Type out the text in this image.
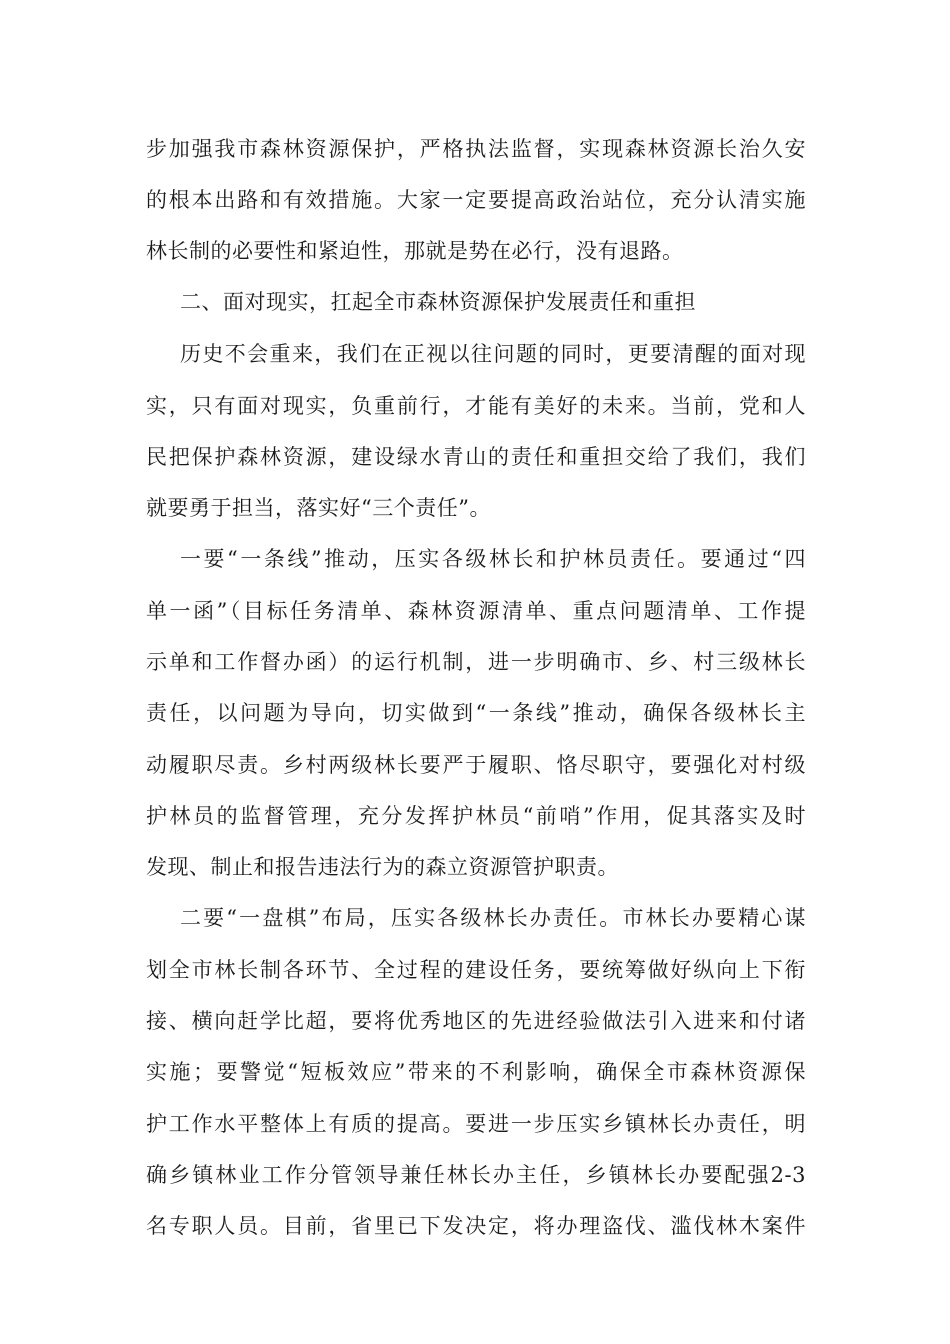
步加强我市森林资源保护，严格执法监督，实现森林资源长治久安
的根本出路和有效措施。大家一定要提高政治站位，充分认清实施
林长制的必要性和紧迫性，那就是势在必行，没有退路。
二、面对现实，扛起全市森林资源保护发展责任和重担
历史不会重来，我们在正视以往问题的同时，更要清醒的面对现
实，只有面对现实，负重前行，才能有美好的未来。当前，党和人
民把保护森林资源，建设绿水青山的责任和重担交给了我们，我们
就要勇于担当，落实好“三个责任”。
一要“一条线”推动，压实各级林长和护林员责任。要通过“四
单一函”（目标任务清单、森林资源清单、重点问题清单、工作提
示单和工作督办函）的运行机制，进一步明确市、乡、村三级林长
责任，以问题为导向，切实做到“一条线”推动，确保各级林长主
动履职尽责。乡村两级林长要严于履职、恪尽职守，要强化对村级
护林员的监督管理，充分发挥护林员“前哨”作用，促其落实及时
发现、制止和报告违法行为的森立资源管护职责。
二要“一盘棋”布局，压实各级林长办责任。市林长办要精心谋
划全市林长制各环节、全过程的建设任务，要统筹做好纵向上下衔
接、横向赶学比超，要将优秀地区的先进经验做法引入进来和付诸
实施；要警觉“短板效应”带来的不利影响，确保全市森林资源保
护工作水平整体上有质的提高。要进一步压实乡镇林长办责任，明
确乡镇林业工作分管领导兼任林长办主任，乡镇林长办要配强2-3
名专职人员。目前，省里已下发决定，将办理盗伐、滥伐林木案件
